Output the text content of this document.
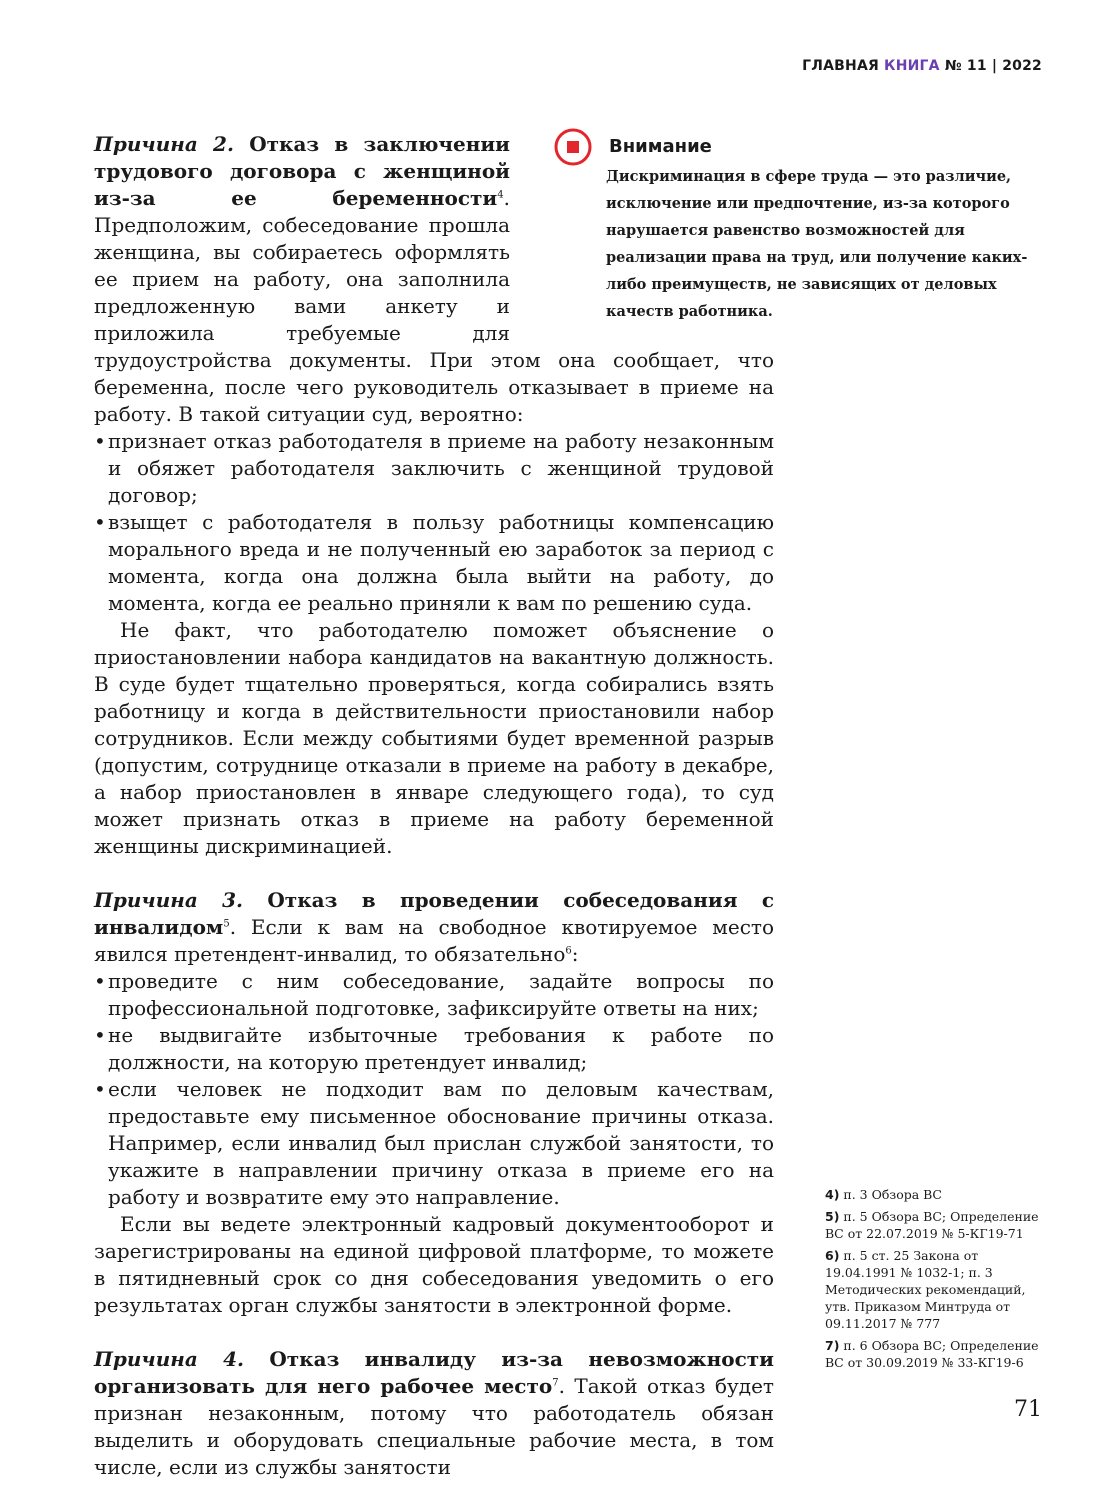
ГЛАВНАЯ КНИГА № 11 | 2022
Внимание
Дискриминация в сфере труда — это различие, исключение или предпочтение, из-за которого нарушается равенство возможностей для реализации права на труд, или получение каких-либо преимуществ, не зависящих от деловых качеств работника.

Причина 2. Отказ в заключении трудового договора с женщиной из-за ее беременности$^4$. Предположим, собеседование прошла женщина, вы собираетесь оформлять ее прием на работу, она заполнила предложенную вами анкету и приложила требуемые для трудоустройства документы. При этом она сообщает, что беременна, после чего руководитель отказывает в приеме на работу. В такой ситуации суд, вероятно:

• признает отказ работодателя в приеме на работу незаконным и обяжет работодателя заключить с женщиной трудовой договор;
• взыщет с работодателя в пользу работницы компенсацию морального вреда и не полученный ею заработок за период с момента, когда она должна была выйти на работу, до момента, когда ее реально приняли к вам по решению суда.

Не факт, что работодателю поможет объяснение о приостановлении набора кандидатов на вакантную должность. В суде будет тщательно проверяться, когда собирались взять работницу и когда в действительности приостановили набор сотрудников. Если между событиями будет временной разрыв (допустим, сотруднице отказали в приеме на работу в декабре, а набор приостановлен в январе следующего года), то суд может признать отказ в приеме на работу беременной женщины дискриминацией.

Причина 3. Отказ в проведении собеседования с инвалидом$^5$. Если к вам на свободное квотируемое место явился претендент-инвалид, то обязательно$^6$:

• проведите с ним собеседование, задайте вопросы по профессиональной подготовке, зафиксируйте ответы на них;
• не выдвигайте избыточные требования к работе по должности, на которую претендует инвалид;
• если человек не подходит вам по деловым качествам, предоставьте ему письменное обоснование причины отказа. Например, если инвалид был прислан службой занятости, то укажите в направлении причину отказа в приеме его на работу и возвратите ему это направление.

Если вы ведете электронный кадровый документооборот и зарегистрированы на единой цифровой платформе, то можете в пятидневный срок со дня собеседования уведомить о его результатах орган службы занятости в электронной форме.

Причина 4. Отказ инвалиду из-за невозможности организовать для него рабочее место$^7$. Такой отказ будет признан незаконным, потому что работодатель обязан выделить и оборудовать специальные рабочие места, в том числе, если из службы занятости

4) п. 3 Обзора ВС
5) п. 5 Обзора ВС; Определение ВС от 22.07.2019 № 5-КГ19-71
6) п. 5 ст. 25 Закона от 19.04.1991 № 1032-1; п. 3 Методических рекомендаций, утв. Приказом Минтруда от 09.11.2017 № 777
7) п. 6 Обзора ВС; Определение ВС от 30.09.2019 № 33-КГ19-6
71
